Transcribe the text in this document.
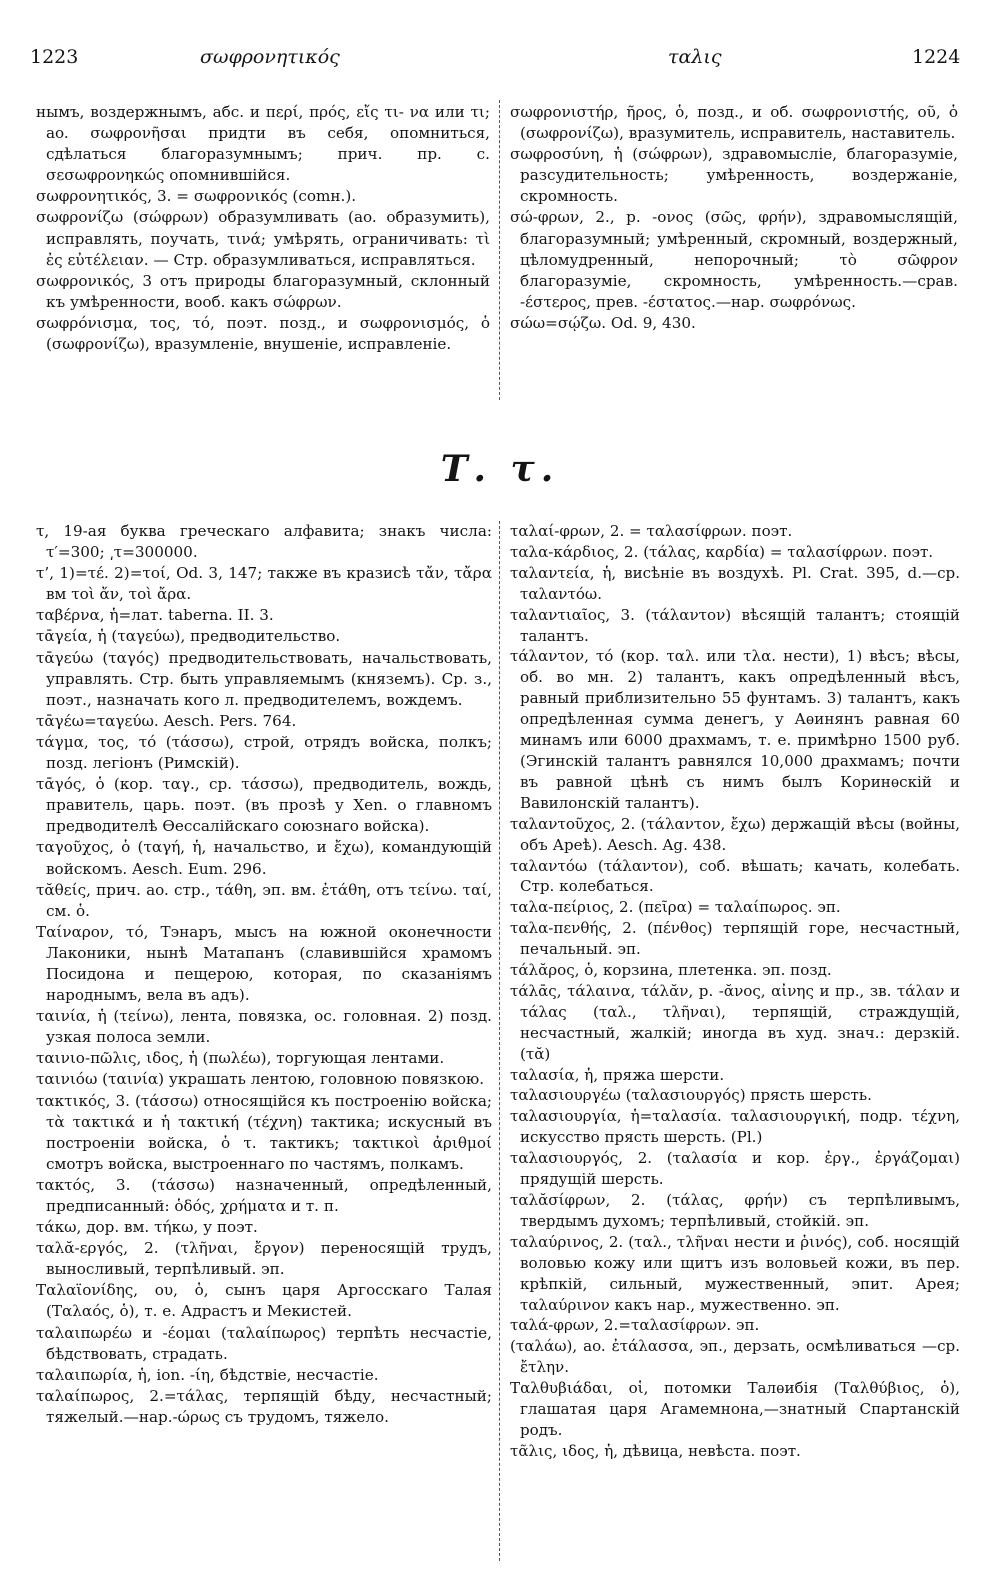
1223	σωφρονητικός	ταλις	1224

нымъ, воздержнымъ, абс. и περί, πρός, εἴς τι- να или τι; ao. σωφρονῆσαι придти въ себя, опомниться, сдѣлаться благоразумнымъ; прич. пр. с. σεσωφρονηκώς опомнившійся.

σωφρονητικός, 3. = σωφρονικός (comн.).

σωφρονίζω (σώφρων) образумливать (ao. образумить), исправлять, поучать, τινά; умѣрять, ограничивать: τὶ ἐς εὐτέλειαν. — Стр. образумливаться, исправляться.

σωφρονικός, 3 отъ природы благоразумный, склонный къ умѣренности, вооб. какъ σώφρων.

σωφρόνισμα, τος, τό, поэт. позд., и σωφρονισμός, ὁ (σωφρονίζω), вразумленіе, внушеніе, исправленіе.

σωφρονιστήρ, ῆρος, ὁ, позд., и об. σωφρονιστής, οῦ, ὁ (σωφρονίζω), вразумитель, исправитель, наставитель.

σωφροσύνη, ἡ (σώφρων), здравомысліе, благоразуміе, разсудительность; умѣренность, воздержаніе, скромность.

σώ-φρων, 2., p. -ονος (σῶς, φρήν), здравомыслящій, благоразумный; умѣренный, скромный, воздержный, цѣломудренный, непорочный; τὸ σῶφρον благоразуміе, скромность, умѣренность.—срав. -έστερος, прев. -έστατος.—нар. σωφρόνως.

σώω=σῴζω. Od. 9, 430.

Τ. τ.

τ, 19-ая буква греческаго алфавита; знакъ числа: τ′=300; ͵τ=300000.

τ’, 1)=τέ. 2)=τοί, Od. 3, 147; также въ кразисѣ τἄν, τἄρα вм τοὶ ἄν, τοὶ ἄρα.

ταβέρνα, ἡ=лат. taberna. II. 3.

τᾱγεία, ἡ (ταγεύω), предводительство.

τᾱγεύω (ταγός) предводительствовать, начальствовать, управлять. Стр. быть управляемымъ (княземъ). Ср. з., поэт., назначать кого л. предводителемъ, вождемъ.

τᾱγέω=ταγεύω. Aesch. Pers. 764.

τάγμα, τος, τό (τάσσω), строй, отрядъ войска, полкъ; позд. легіонъ (Римскій).

τᾱγός, ὁ (кор. ταγ., ср. τάσσω), предводитель, вождь, правитель, царь. поэт. (въ прозѣ у Xen. о главномъ предводителѣ Ѳессалійскаго союзнаго войска).

ταγοῦχος, ὁ (ταγή, ἡ, начальство, и ἔχω), командующій войскомъ. Aesch. Eum. 296.

τᾰθείς, прич. ao. стр., τάθη, эп. вм. ἐτάθη, отъ τείνω. ταί, см. ὁ.

Ταίναρον, τό, Тэнаръ, мысъ на южной оконечности Лаконики, нынѣ Матапанъ (славившійся храмомъ Посидона и пещерою, которая, по сказаніямъ народнымъ, вела въ адъ).

ταινία, ἡ (τείνω), лента, повязка, ос. головная. 2) позд. узкая полоса земли.

ταινιο-πῶλις, ιδος, ἡ (πωλέω), торгующая лентами.

ταινιόω (ταινία) украшать лентою, головною повязкою.

τακτικός, 3. (τάσσω) относящійся къ построенію войска; τὰ τακτικά и ἡ τακτική (τέχνη) тактика; искусный въ построеніи войска, ὁ τ. тактикъ; τακτικοὶ ἀριθμοί смотръ войска, выстроеннаго по частямъ, полкамъ.

τακτός, 3. (τάσσω) назначенный, опредѣленный, предписанный: ὁδός, χρήματα и т. п.

τάκω, дор. вм. τήκω, у поэт.

ταλᾰ-εργός, 2. (τλῆναι, ἔργον) переносящій трудъ, выносливый, терпѣливый. эп.

Ταλαϊονίδης, ου, ὁ, сынъ царя Аргосскаго Талая (Ταλαός, ὁ), т. е. Адрастъ и Мекистей.

ταλαιπωρέω и -έομαι (ταλαίπωρος) терпѣть несчастіе, бѣдствовать, страдать.

ταλαιπωρία, ἡ, ion. -ίη, бѣдствіе, несчастіе.

ταλαίπωρος, 2.=τάλας, терпящій бѣду, несчастный; тяжелый.—нар.-ώρως съ трудомъ, тяжело.

ταλαί-φρων, 2. = ταλασίφρων. поэт.

ταλα-κάρδιος, 2. (τάλας, καρδία) = ταλασίφρων. поэт.

ταλαντεία, ἡ, висѣніе въ воздухѣ. Pl. Crat. 395, d.—ср. ταλαντόω.

ταλαντιαῖος, 3. (τάλαντον) вѣсящій талантъ; стоящій талантъ.

τάλαντον, τό (кор. ταλ. или τλα. нести), 1) вѣсъ; вѣсы, об. во мн. 2) талантъ, какъ опредѣленный вѣсъ, равный приблизительно 55 фунтамъ. 3) талантъ, какъ опредѣленная сумма денегъ, у Аѳинянъ равная 60 минамъ или 6000 драхмамъ, т. е. примѣрно 1500 руб. (Эгинскій талантъ равнялся 10,000 драхмамъ; почти въ равной цѣнѣ съ нимъ былъ Коринѳскій и Вавилонскій талантъ).

ταλαντοῦχος, 2. (τάλαντον, ἔχω) держащій вѣсы (войны, объ Ареѣ). Aesch. Ag. 438.

ταλαντόω (τάλαντον), соб. вѣшать; качать, колебать. Стр. колебаться.

ταλα-πείριος, 2. (πεῖρα) = ταλαίπωρος. эп.

ταλα-πενθής, 2. (πένθος) терпящій горе, несчастный, печальный. эп.

τάλᾰρος, ὁ, корзина, плетенка. эп. позд.

τάλᾱς, τάλαινα, τάλᾰν, p. -ᾰνος, αἰνης и пр., зв. τάλαν и τάλας (ταλ., τλῆναι), терпящій, страждущій, несчастный, жалкій; иногда въ худ. знач.: дерзкій. (τᾰ)

ταλασία, ἡ, пряжа шерсти.

ταλασιουργέω (ταλασιουργός) прясть шерсть.

ταλασιουργία, ἡ=ταλασία. ταλασιουργική, подр. τέχνη, искусство прясть шерсть. (Pl.)

ταλασιουργός, 2. (ταλασία и кор. ἐργ., ἐργάζομαι) прядущій шерсть.

ταλᾰσίφρων, 2. (τάλας, φρήν) съ терпѣливымъ, твердымъ духомъ; терпѣливый, стойкій. эп.

ταλαύρινος, 2. (ταλ., τλῆναι нести и ῥινός), соб. носящій воловью кожу или щитъ изъ воловьей кожи, въ пер. крѣпкій, сильный, мужественный, эпит. Арея; ταλαύρινον какъ нар., мужественно. эп.

ταλά-φρων, 2.=ταλασίφρων. эп.

(ταλάω), ao. ἐτάλασσα, эп., дерзать, осмѣливаться —ср. ἔτλην.

Ταλθυβιάδαι, οἱ, потомки Талѳибія (Ταλθύβιος, ὁ), глашатая царя Агамемнона,—знатный Спартанскій родъ.

τᾶλις, ιδος, ἡ, дѣвица, невѣста. поэт.
